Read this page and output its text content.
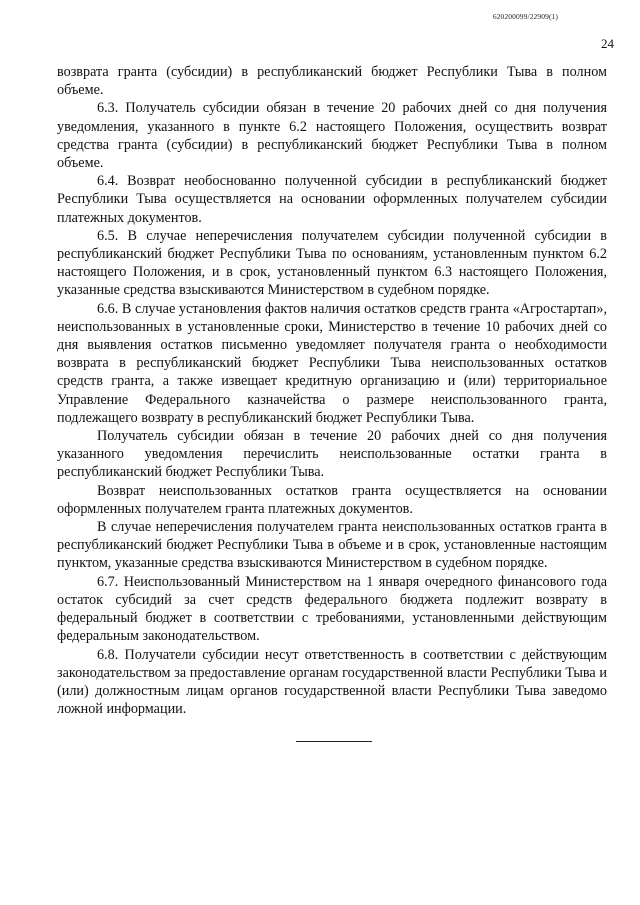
620200099/22909(1)
24

возврата гранта (субсидии) в республиканский бюджет Республики Тыва в полном объеме.

6.3. Получатель субсидии обязан в течение 20 рабочих дней со дня получения уведомления, указанного в пункте 6.2 настоящего Положения, осуществить возврат средства гранта (субсидии) в республиканский бюджет Республики Тыва в полном объеме.

6.4. Возврат необоснованно полученной субсидии в республиканский бюджет Республики Тыва осуществляется на основании оформленных получателем субсидии платежных документов.

6.5. В случае неперечисления получателем субсидии полученной субсидии в республиканский бюджет Республики Тыва по основаниям, установленным пунктом 6.2 настоящего Положения, и в срок, установленный пунктом 6.3 настоящего Положения, указанные средства взыскиваются Министерством в судебном порядке.

6.6. В случае установления фактов наличия остатков средств гранта «Агростартап», неиспользованных в установленные сроки, Министерство в течение 10 рабочих дней со дня выявления остатков письменно уведомляет получателя гранта о необходимости возврата в республиканский бюджет Республики Тыва неиспользованных остатков средств гранта, а также извещает кредитную организацию и (или) территориальное Управление Федерального казначейства о размере неиспользованного гранта, подлежащего возврату в республиканский бюджет Республики Тыва.

Получатель субсидии обязан в течение 20 рабочих дней со дня получения указанного уведомления перечислить неиспользованные остатки гранта в республиканский бюджет Республики Тыва.

Возврат неиспользованных остатков гранта осуществляется на основании оформленных получателем гранта платежных документов.

В случае неперечисления получателем гранта неиспользованных остатков гранта в республиканский бюджет Республики Тыва в объеме и в срок, установленные настоящим пунктом, указанные средства взыскиваются Министерством в судебном порядке.

6.7. Неиспользованный Министерством на 1 января очередного финансового года остаток субсидий за счет средств федерального бюджета подлежит возврату в федеральный бюджет в соответствии с требованиями, установленными действующим федеральным законодательством.

6.8. Получатели субсидии несут ответственность в соответствии с действующим законодательством за предоставление органам государственной власти Республики Тыва и (или) должностным лицам органов государственной власти Республики Тыва заведомо ложной информации.
